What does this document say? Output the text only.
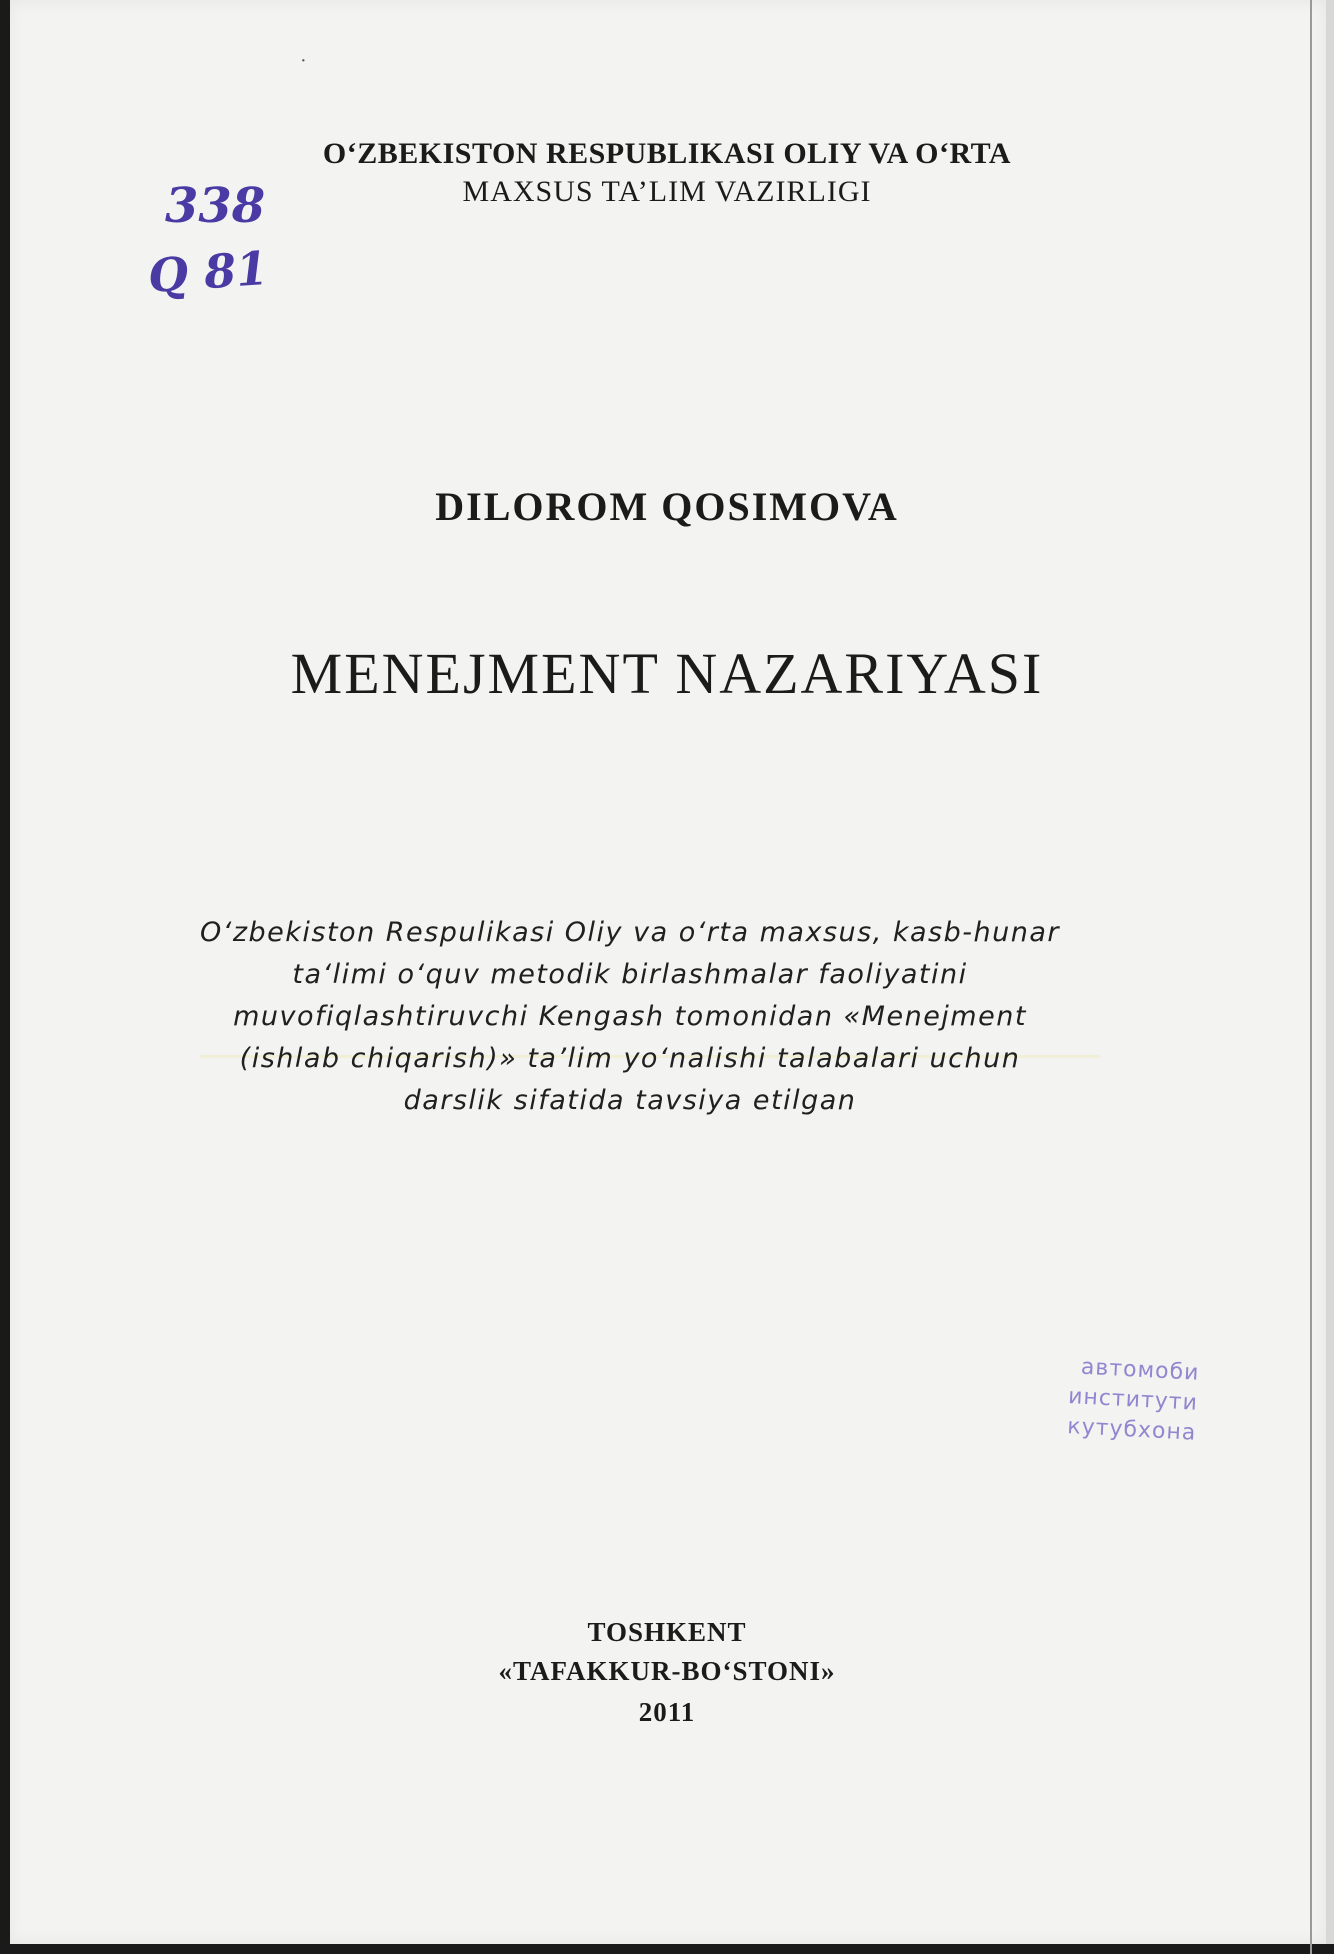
·

O‘ZBEKISTON RESPUBLIKASI OLIY VA O‘RTA
MAXSUS TA’LIM VAZIRLIGI

338

Q 81

DILOROM QOSIMOVA

MENEJMENT NAZARIYASI
O‘zbekiston Respulikasi Oliy va o‘rta maxsus, kasb-hunar
ta‘limi o‘quv metodik birlashmalar faoliyatini
muvofiqlashtiruvchi Kengash tomonidan «Menejment
(ishlab chiqarish)» ta’lim yo‘nalishi talabalari uchun
darslik sifatida tavsiya etilgan
автомоби
институти
кутубхона

TOSHKENT

«TAFAKKUR-BO‘STONI»

2011
